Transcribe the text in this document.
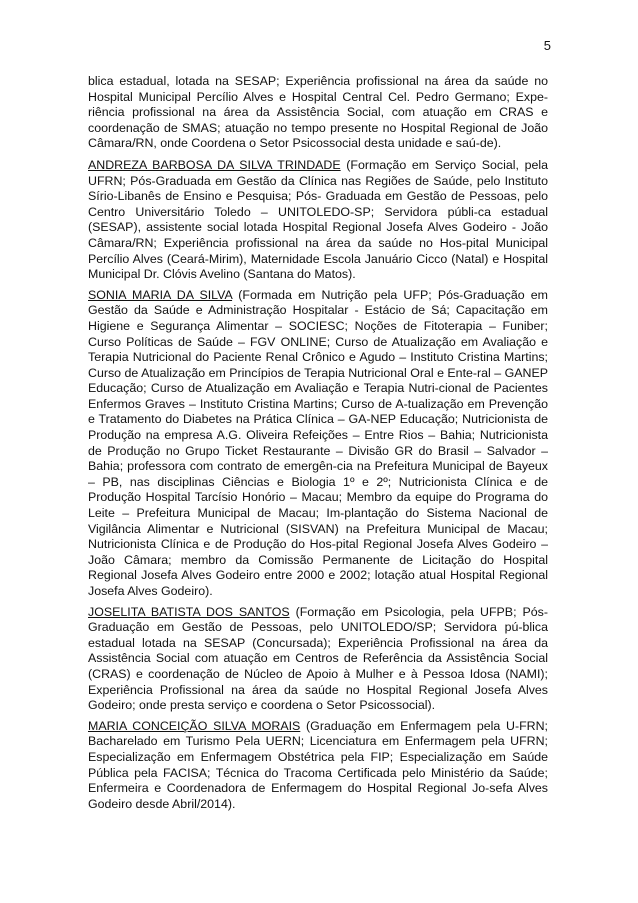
5

blica estadual, lotada na SESAP; Experiência profissional na área da saúde no Hospital Municipal Percílio Alves e Hospital Central Cel. Pedro Germano; Expe-riência profissional na área da Assistência Social, com atuação em CRAS e coordenação de SMAS; atuação no tempo presente no Hospital Regional de João Câmara/RN, onde Coordena o Setor Psicossocial desta unidade e saú-de).

ANDREZA BARBOSA DA SILVA TRINDADE (Formação em Serviço Social, pela UFRN; Pós-Graduada em Gestão da Clínica nas Regiões de Saúde, pelo Instituto Sírio-Libanês de Ensino e Pesquisa; Pós- Graduada em Gestão de Pessoas, pelo Centro Universitário Toledo – UNITOLEDO-SP; Servidora públi-ca estadual (SESAP), assistente social lotada Hospital Regional Josefa Alves Godeiro - João Câmara/RN; Experiência profissional na área da saúde no Hos-pital Municipal Percílio Alves (Ceará-Mirim), Maternidade Escola Januário Cicco (Natal) e Hospital Municipal Dr. Clóvis Avelino (Santana do Matos).

SONIA MARIA DA SILVA (Formada em Nutrição pela UFP; Pós-Graduação em Gestão da Saúde e Administração Hospitalar - Estácio de Sá; Capacitação em Higiene e Segurança Alimentar – SOCIESC; Noções de Fitoterapia – Funiber; Curso Políticas de Saúde – FGV ONLINE; Curso de Atualização em Avaliação e Terapia Nutricional do Paciente Renal Crônico e Agudo – Instituto Cristina Martins; Curso de Atualização em Princípios de Terapia Nutricional Oral e Ente-ral – GANEP Educação; Curso de Atualização em Avaliação e Terapia Nutri-cional de Pacientes Enfermos Graves – Instituto Cristina Martins; Curso de A-tualização em Prevenção e Tratamento do Diabetes na Prática Clínica – GA-NEP Educação; Nutricionista de Produção na empresa A.G. Oliveira Refeições – Entre Rios – Bahia; Nutricionista de Produção no Grupo Ticket Restaurante – Divisão GR do Brasil – Salvador – Bahia; professora com contrato de emergên-cia na Prefeitura Municipal de Bayeux – PB, nas disciplinas Ciências e Biologia 1º e 2º; Nutricionista Clínica e de Produção Hospital Tarcísio Honório – Macau; Membro da equipe do Programa do Leite – Prefeitura Municipal de Macau; Im-plantação do Sistema Nacional de Vigilância Alimentar e Nutricional (SISVAN) na Prefeitura Municipal de Macau; Nutricionista Clínica e de Produção do Hos-pital Regional Josefa Alves Godeiro – João Câmara; membro da Comissão Permanente de Licitação do Hospital Regional Josefa Alves Godeiro entre 2000 e 2002; lotação atual Hospital Regional Josefa Alves Godeiro).

JOSELITA BATISTA DOS SANTOS (Formação em Psicologia, pela UFPB; Pós-Graduação em Gestão de Pessoas, pelo UNITOLEDO/SP; Servidora pú-blica estadual lotada na SESAP (Concursada); Experiência Profissional na área da Assistência Social com atuação em Centros de Referência da Assistência Social (CRAS) e coordenação de Núcleo de Apoio à Mulher e à Pessoa Idosa (NAMI); Experiência Profissional na área da saúde no Hospital Regional Josefa Alves Godeiro; onde presta serviço e coordena o Setor Psicossocial).

MARIA CONCEIÇÃO SILVA MORAIS (Graduação em Enfermagem pela U-FRN; Bacharelado em Turismo Pela UERN; Licenciatura em Enfermagem pela UFRN; Especialização em Enfermagem Obstétrica pela FIP; Especialização em Saúde Pública pela FACISA; Técnica do Tracoma Certificada pelo Ministério da Saúde; Enfermeira e Coordenadora de Enfermagem do Hospital Regional Jo-sefa Alves Godeiro desde Abril/2014).
